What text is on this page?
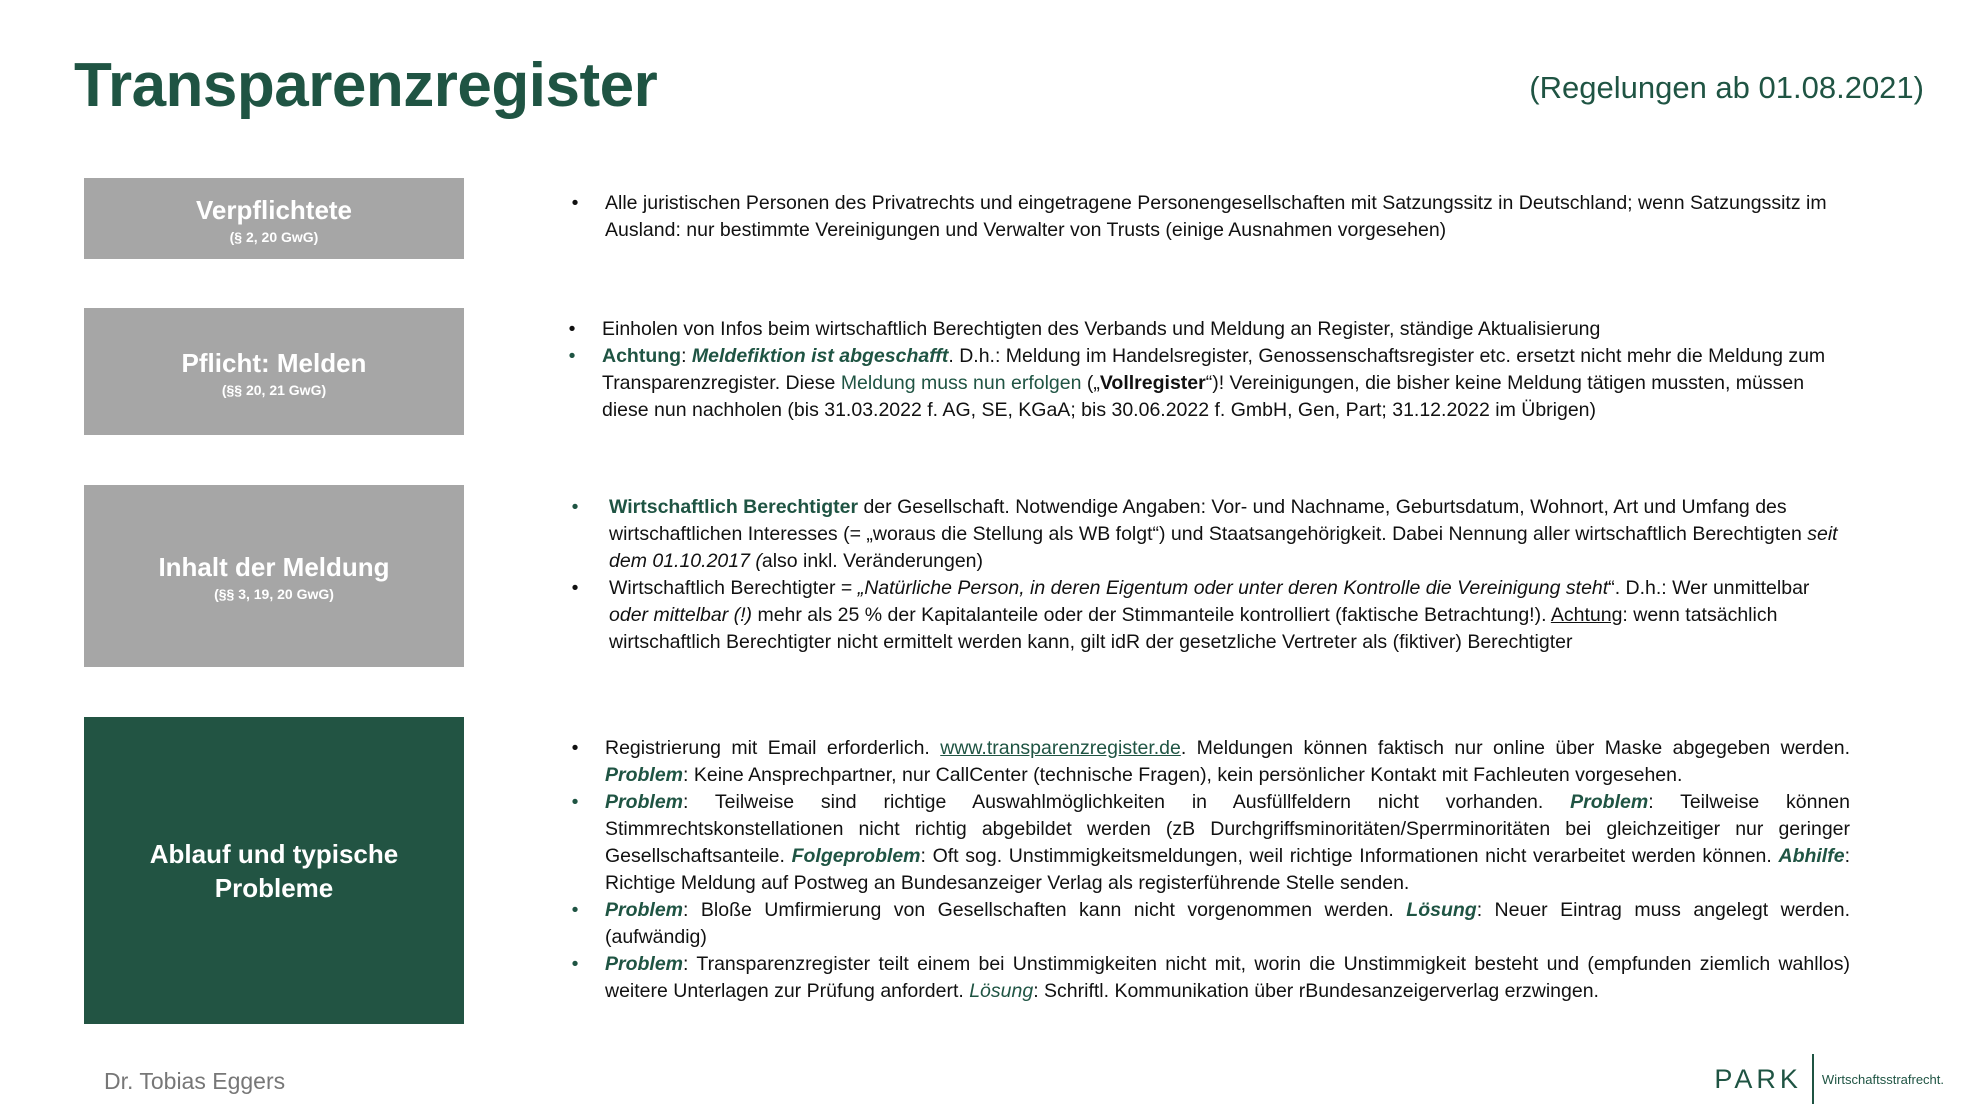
Transparenzregister	(Regelungen ab 01.08.2021)
Verpflichtete
(§ 2, 20 GwG)
•	Alle juristischen Personen des Privatrechts und eingetragene Personengesellschaften mit Satzungssitz in Deutschland; wenn Satzungssitz im Ausland: nur bestimmte Vereinigungen und Verwalter von Trusts (einige Ausnahmen vorgesehen)
Pflicht: Melden
(§§ 20, 21 GwG)
•	Einholen von Infos beim wirtschaftlich Berechtigten des Verbands und Meldung an Register, ständige Aktualisierung
•	Achtung: Meldefiktion ist abgeschafft. D.h.: Meldung im Handelsregister, Genossenschaftsregister etc. ersetzt nicht mehr die Meldung zum Transparenzregister. Diese Meldung muss nun erfolgen („Vollregister“)! Vereinigungen, die bisher keine Meldung tätigen mussten, müssen diese nun nachholen (bis 31.03.2022 f. AG, SE, KGaA; bis 30.06.2022 f. GmbH, Gen, Part; 31.12.2022 im Übrigen)
Inhalt der Meldung
(§§ 3, 19, 20 GwG)
•	Wirtschaftlich Berechtigter der Gesellschaft. Notwendige Angaben: Vor- und Nachname, Geburtsdatum, Wohnort, Art und Umfang des wirtschaftlichen Interesses (= „woraus die Stellung als WB folgt“) und Staatsangehörigkeit. Dabei Nennung aller wirtschaftlich Berechtigten seit dem 01.10.2017 (also inkl. Veränderungen)
•	Wirtschaftlich Berechtigter = „Natürliche Person, in deren Eigentum oder unter deren Kontrolle die Vereinigung steht“. D.h.: Wer unmittelbar oder mittelbar (!) mehr als 25 % der Kapitalanteile oder der Stimmanteile kontrolliert (faktische Betrachtung!). Achtung: wenn tatsächlich wirtschaftlich Berechtigter nicht ermittelt werden kann, gilt idR der gesetzliche Vertreter als (fiktiver) Berechtigter
Ablauf und typische Probleme
•	Registrierung mit Email erforderlich. www.transparenzregister.de. Meldungen können faktisch nur online über Maske abgegeben werden. Problem: Keine Ansprechpartner, nur CallCenter (technische Fragen), kein persönlicher Kontakt mit Fachleuten vorgesehen.
•	Problem: Teilweise sind richtige Auswahlmöglichkeiten in Ausfüllfeldern nicht vorhanden. Problem: Teilweise können Stimmrechtskonstellationen nicht richtig abgebildet werden (zB Durchgriffsminoritäten/Sperrminoritäten bei gleichzeitiger nur geringer Gesellschaftsanteile. Folgeproblem: Oft sog. Unstimmigkeitsmeldungen, weil richtige Informationen nicht verarbeitet werden können. Abhilfe: Richtige Meldung auf Postweg an Bundesanzeiger Verlag als registerführende Stelle senden.
•	Problem: Bloße Umfirmierung von Gesellschaften kann nicht vorgenommen werden. Lösung: Neuer Eintrag muss angelegt werden. (aufwändig)
•	Problem: Transparenzregister teilt einem bei Unstimmigkeiten nicht mit, worin die Unstimmigkeit besteht und (empfunden ziemlich wahllos) weitere Unterlagen zur Prüfung anfordert. Lösung: Schriftl. Kommunikation über rBundesanzeigerverlag erzwingen.
Dr. Tobias Eggers	PARK	Wirtschaftsstrafrecht.
